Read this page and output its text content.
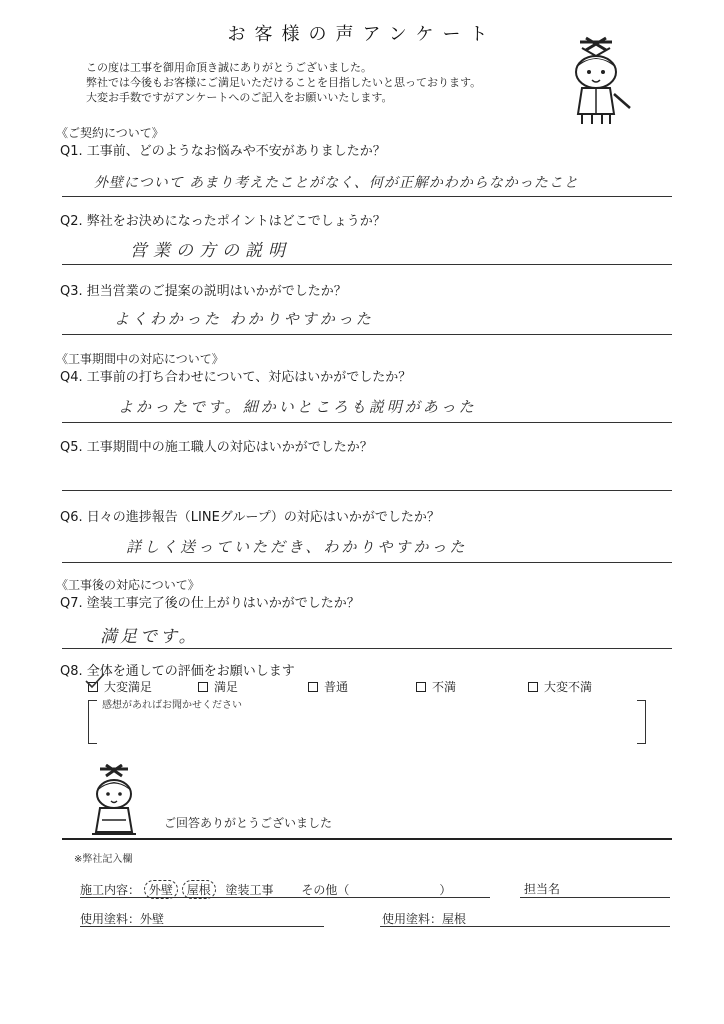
お客様の声アンケート
この度は工事を御用命頂き誠にありがとうございました。
弊社では今後もお客様にご満足いただけることを目指したいと思っております。
大変お手数ですがアンケートへのご記入をお願いいたします。
《ご契約について》
Q1. 工事前、どのようなお悩みや不安がありましたか？
外壁について あまり考えたことがなく、何が正解かわからなかったこと
Q2. 弊社をお決めになったポイントはどこでしょうか？
営業の方の説明
Q3. 担当営業のご提案の説明はいかがでしたか？
よくわかった わかりやすかった
《工事期間中の対応について》
Q4. 工事前の打ち合わせについて、対応はいかがでしたか？
よかったです。細かいところも説明があった
Q5. 工事期間中の施工職人の対応はいかがでしたか？
Q6. 日々の進捗報告（LINEグループ）の対応はいかがでしたか？
詳しく送っていただき、わかりやすかった
《工事後の対応について》
Q7. 塗装工事完了後の仕上がりはいかがでしたか？
満足です。
Q8. 全体を通しての評価をお願いします
大変満足	満足	普通	不満	大変不満
感想があればお聞かせください
ご回答ありがとうございました
※弊社記入欄
施工内容： 外壁 屋根 塗装工事 その他（	）	担当名
使用塗料：外壁	使用塗料：屋根
